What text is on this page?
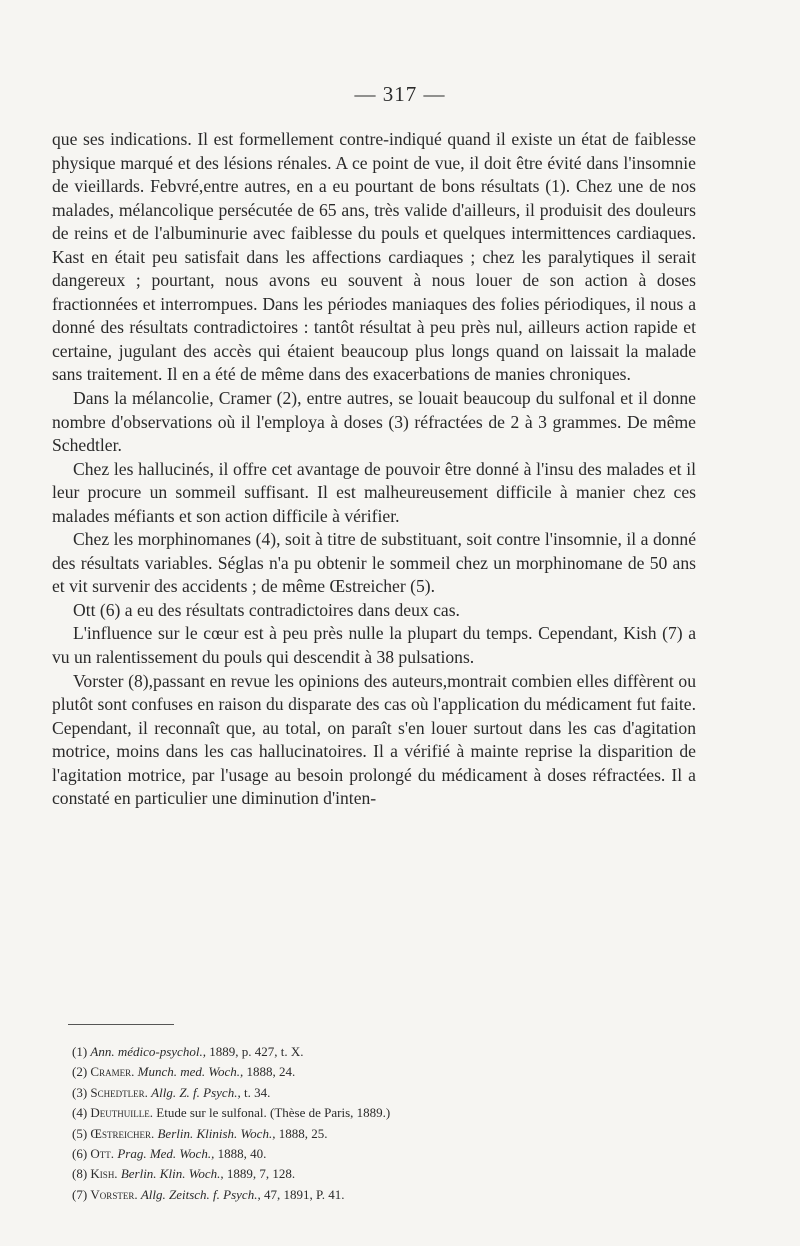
— 317 —

que ses indications. Il est formellement contre-indiqué quand il existe un état de faiblesse physique marqué et des lésions rénales. A ce point de vue, il doit être évité dans l'insomnie de vieillards. Febvré,entre autres, en a eu pourtant de bons résultats (1). Chez une de nos malades, mélancolique persécutée de 65 ans, très valide d'ailleurs, il produisit des douleurs de reins et de l'albuminurie avec faiblesse du pouls et quelques intermittences cardiaques. Kast en était peu satisfait dans les affections cardiaques ; chez les paralytiques il serait dangereux ; pourtant, nous avons eu souvent à nous louer de son action à doses fractionnées et interrompues. Dans les périodes maniaques des folies périodiques, il nous a donné des résultats contradictoires : tantôt résultat à peu près nul, ailleurs action rapide et certaine, jugulant des accès qui étaient beaucoup plus longs quand on laissait la malade sans traitement. Il en a été de même dans des exacerbations de manies chroniques.

Dans la mélancolie, Cramer (2), entre autres, se louait beaucoup du sulfonal et il donne nombre d'observations où il l'employa à doses (3) réfractées de 2 à 3 grammes. De même Schedtler.

Chez les hallucinés, il offre cet avantage de pouvoir être donné à l'insu des malades et il leur procure un sommeil suffisant. Il est malheureusement difficile à manier chez ces malades méfiants et son action difficile à vérifier.

Chez les morphinomanes (4), soit à titre de substituant, soit contre l'insomnie, il a donné des résultats variables. Séglas n'a pu obtenir le sommeil chez un morphinomane de 50 ans et vit survenir des accidents ; de même Œstreicher (5).

Ott (6) a eu des résultats contradictoires dans deux cas.

L'influence sur le cœur est à peu près nulle la plupart du temps. Cependant, Kish (7) a vu un ralentissement du pouls qui descendit à 38 pulsations.

Vorster (8),passant en revue les opinions des auteurs,montrait combien elles diffèrent ou plutôt sont confuses en raison du disparate des cas où l'application du médicament fut faite. Cependant, il reconnaît que, au total, on paraît s'en louer surtout dans les cas d'agitation motrice, moins dans les cas hallucinatoires. Il a vérifié à mainte reprise la disparition de l'agitation motrice, par l'usage au besoin prolongé du médicament à doses réfractées. Il a constaté en particulier une diminution d'inten-

(1) Ann. médico-psychol., 1889, p. 427, t. X.
(2) Cramer. Munch. med. Woch., 1888, 24.
(3) Schedtler. Allg. Z. f. Psych., t. 34.
(4) Deuthuille. Etude sur le sulfonal. (Thèse de Paris, 1889.)
(5) Œstreicher. Berlin. Klinish. Woch., 1888, 25.
(6) Ott. Prag. Med. Woch., 1888, 40.
(8) Kish. Berlin. Klin. Woch., 1889, 7, 128.
(7) Vorster. Allg. Zeitsch. f. Psych., 47, 1891, P. 41.
